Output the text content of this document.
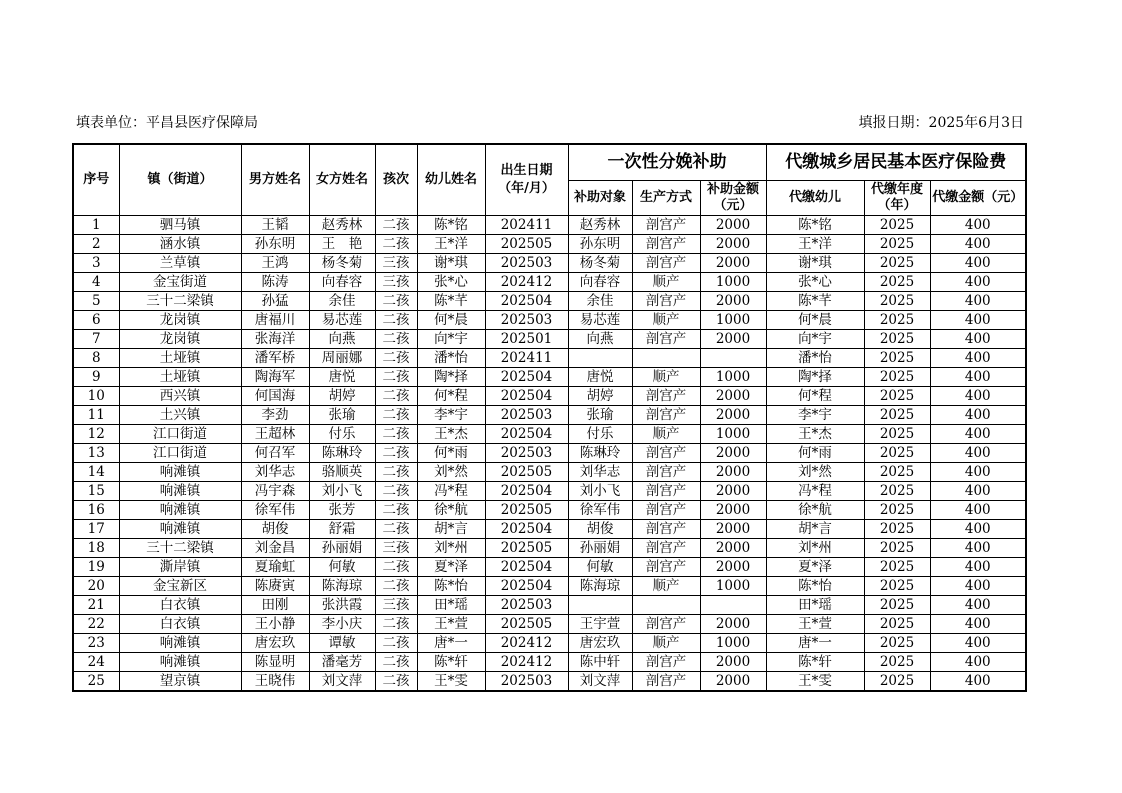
填表单位：平昌县医疗保障局	填报日期：2025年6月3日
序号	镇（街道）	男方姓名	女方姓名	孩次	幼儿姓名	出生日期（年/月）	一次性分娩补助			代缴城乡居民基本医疗保险费		
							补助对象	生产方式	补助金额（元）	代缴幼儿	代缴年度（年）	代缴金额（元）
1	驷马镇	王韬	赵秀林	二孩	陈*铭	202411	赵秀林	剖宫产	2000	陈*铭	2025	400
2	涵水镇	孙东明	王　艳	二孩	王*洋	202505	孙东明	剖宫产	2000	王*洋	2025	400
3	兰草镇	王鸿	杨冬菊	三孩	谢*琪	202503	杨冬菊	剖宫产	2000	谢*琪	2025	400
4	金宝街道	陈涛	向春容	三孩	张*心	202412	向春容	顺产	1000	张*心	2025	400
5	三十二梁镇	孙猛	余佳	二孩	陈*芊	202504	余佳	剖宫产	2000	陈*芊	2025	400
6	龙岗镇	唐福川	易芯莲	二孩	何*晨	202503	易芯莲	顺产	1000	何*晨	2025	400
7	龙岗镇	张海洋	向燕	二孩	向*宇	202501	向燕	剖宫产	2000	向*宇	2025	400
8	土垭镇	潘军桥	周丽娜	二孩	潘*怡	202411				潘*怡	2025	400
9	土垭镇	陶海军	唐悦	二孩	陶*择	202504	唐悦	顺产	1000	陶*择	2025	400
10	西兴镇	何国海	胡婷	二孩	何*程	202504	胡婷	剖宫产	2000	何*程	2025	400
11	土兴镇	李劲	张瑜	二孩	李*宇	202503	张瑜	剖宫产	2000	李*宇	2025	400
12	江口街道	王超林	付乐	二孩	王*杰	202504	付乐	顺产	1000	王*杰	2025	400
13	江口街道	何召军	陈琳玲	二孩	何*雨	202503	陈琳玲	剖宫产	2000	何*雨	2025	400
14	响滩镇	刘华志	骆顺英	二孩	刘*然	202505	刘华志	剖宫产	2000	刘*然	2025	400
15	响滩镇	冯宇森	刘小飞	二孩	冯*程	202504	刘小飞	剖宫产	2000	冯*程	2025	400
16	响滩镇	徐军伟	张芳	二孩	徐*航	202505	徐军伟	剖宫产	2000	徐*航	2025	400
17	响滩镇	胡俊	舒霜	二孩	胡*言	202504	胡俊	剖宫产	2000	胡*言	2025	400
18	三十二梁镇	刘金昌	孙丽娟	三孩	刘*州	202505	孙丽娟	剖宫产	2000	刘*州	2025	400
19	澌岸镇	夏瑜虹	何敏	二孩	夏*泽	202504	何敏	剖宫产	2000	夏*泽	2025	400
20	金宝新区	陈赓寅	陈海琼	二孩	陈*怡	202504	陈海琼	顺产	1000	陈*怡	2025	400
21	白衣镇	田刚	张洪霞	三孩	田*瑶	202503				田*瑶	2025	400
22	白衣镇	王小静	李小庆	二孩	王*萱	202505	王宇萱	剖宫产	2000	王*萱	2025	400
23	响滩镇	唐宏玖	谭敏	二孩	唐*一	202412	唐宏玖	顺产	1000	唐*一	2025	400
24	响滩镇	陈显明	潘毫芳	二孩	陈*轩	202412	陈中轩	剖宫产	2000	陈*轩	2025	400
25	望京镇	王晓伟	刘文萍	二孩	王*雯	202503	刘文萍	剖宫产	2000	王*雯	2025	400
